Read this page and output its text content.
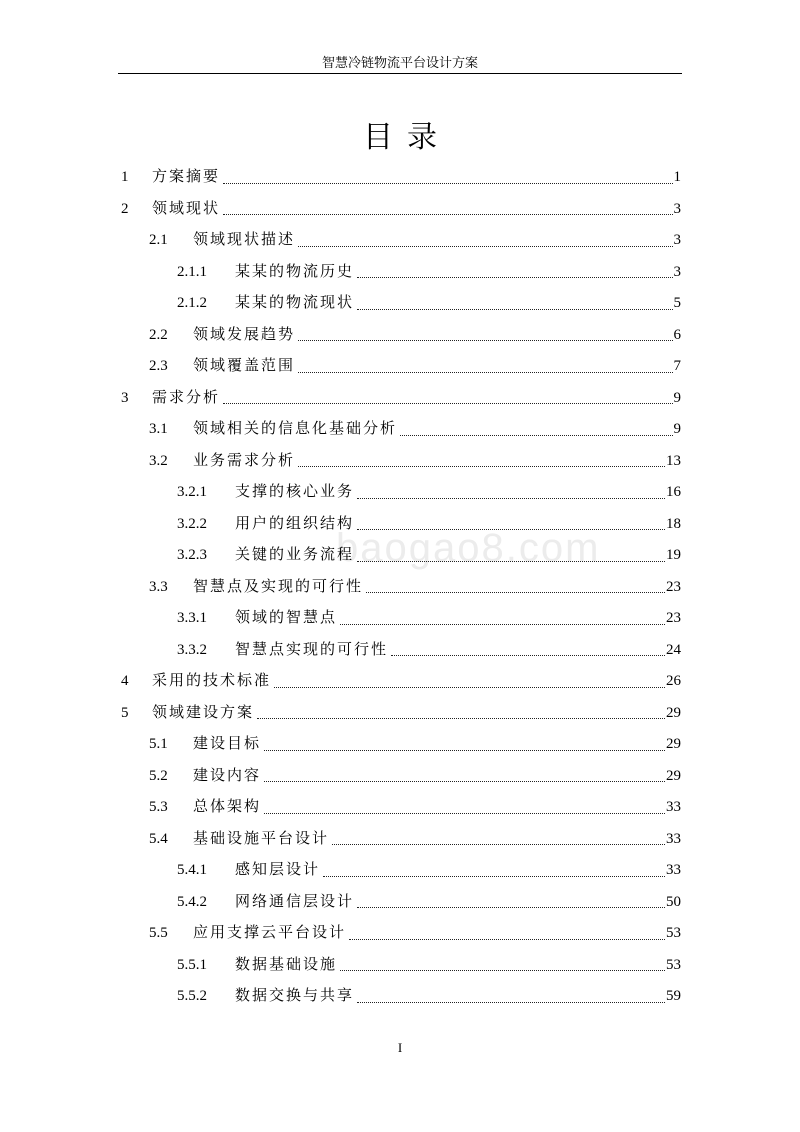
智慧冷链物流平台设计方案
目录
baogao8.com
1	方案摘要	1
2	领域现状	3
2.1	领域现状描述	3
2.1.1	某某的物流历史	3
2.1.2	某某的物流现状	5
2.2	领域发展趋势	6
2.3	领域覆盖范围	7
3	需求分析	9
3.1	领域相关的信息化基础分析	9
3.2	业务需求分析	13
3.2.1	支撑的核心业务	16
3.2.2	用户的组织结构	18
3.2.3	关键的业务流程	19
3.3	智慧点及实现的可行性	23
3.3.1	领域的智慧点	23
3.3.2	智慧点实现的可行性	24
4	采用的技术标准	26
5	领域建设方案	29
5.1	建设目标	29
5.2	建设内容	29
5.3	总体架构	33
5.4	基础设施平台设计	33
5.4.1	感知层设计	33
5.4.2	网络通信层设计	50
5.5	应用支撑云平台设计	53
5.5.1	数据基础设施	53
5.5.2	数据交换与共享	59
I
